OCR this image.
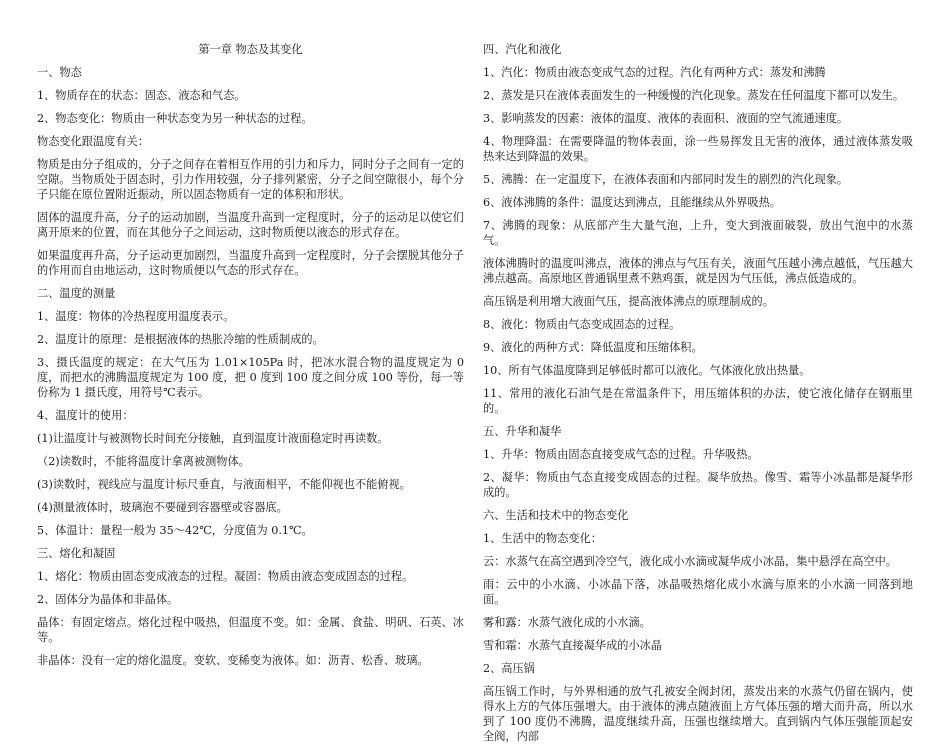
第一章 物态及其变化

一、物态

1、物质存在的状态：固态、液态和气态。

2、物态变化：物质由一种状态变为另一种状态的过程。

物态变化跟温度有关：

物质是由分子组成的，分子之间存在着相互作用的引力和斥力，同时分子之间有一定的空隙。当物质处于固态时，引力作用较强，分子排列紧密，分子之间空隙很小，每个分子只能在原位置附近振动，所以固态物质有一定的体积和形状。

固体的温度升高，分子的运动加剧，当温度升高到一定程度时，分子的运动足以使它们离开原来的位置，而在其他分子之间运动，这时物质便以液态的形式存在。

如果温度再升高，分子运动更加剧烈，当温度升高到一定程度时，分子会摆脱其他分子的作用而自由地运动，这时物质便以气态的形式存在。

二、温度的测量

1、温度：物体的冷热程度用温度表示。

2、温度计的原理：是根据液体的热胀冷缩的性质制成的。

3、摄氏温度的规定：在大气压为 1.01×105Pa 时，把冰水混合物的温度规定为 0 度，而把水的沸腾温度规定为 100 度，把 0 度到 100 度之间分成 100 等份，每一等份称为 1 摄氏度，用符号℃表示。

4、温度计的使用：

(1)让温度计与被测物长时间充分接触，直到温度计液面稳定时再读数。

（2)读数时，不能将温度计拿离被测物体。

(3)读数时，视线应与温度计标尺垂直，与液面相平，不能仰视也不能俯视。

(4)测量液体时，玻璃泡不要碰到容器壁或容器底。

5、体温计：量程一般为 35～42℃，分度值为 0.1℃。

三、熔化和凝固

1、熔化：物质由固态变成液态的过程。凝固：物质由液态变成固态的过程。

2、固体分为晶体和非晶体。

晶体：有固定熔点。熔化过程中吸热，但温度不变。如：金属、食盐、明矾、石英、冰等。

非晶体：没有一定的熔化温度。变软、变稀变为液体。如：沥青、松香、玻璃。

四、汽化和液化

1、汽化：物质由液态变成气态的过程。汽化有两种方式：蒸发和沸腾

2、蒸发是只在液体表面发生的一种缓慢的汽化现象。蒸发在任何温度下都可以发生。

3、影响蒸发的因素：液体的温度、液体的表面积、液面的空气流通速度。

4、物理降温：在需要降温的物体表面，涂一些易挥发且无害的液体，通过液体蒸发吸热来达到降温的效果。

5、沸腾：在一定温度下，在液体表面和内部同时发生的剧烈的汽化现象。

6、液体沸腾的条件：温度达到沸点，且能继续从外界吸热。

7、沸腾的现象：从底部产生大量气泡，上升，变大到液面破裂，放出气泡中的水蒸气。

液体沸腾时的温度叫沸点，液体的沸点与气压有关，液面气压越小沸点越低，气压越大沸点越高。高原地区普通锅里煮不熟鸡蛋，就是因为气压低，沸点低造成的。

高压锅是利用增大液面气压，提高液体沸点的原理制成的。

8、液化：物质由气态变成固态的过程。

9、液化的两种方式：降低温度和压缩体积。

10、所有气体温度降到足够低时都可以液化。气体液化放出热量。

11、常用的液化石油气是在常温条件下，用压缩体积的办法，使它液化储存在钢瓶里的。

五、升华和凝华

1、升华：物质由固态直接变成气态的过程。升华吸热。

2、凝华：物质由气态直接变成固态的过程。凝华放热。像雪、霜等小冰晶都是凝华形成的。

六、生活和技术中的物态变化

1、生活中的物态变化：

云：水蒸气在高空遇到冷空气，液化成小水滴或凝华成小冰晶，集中悬浮在高空中。

雨：云中的小水滴、小冰晶下落，冰晶吸热熔化成小水滴与原来的小水滴一同落到地面。

雾和露：水蒸气液化成的小水滴。

雪和霜：水蒸气直接凝华成的小冰晶

2、高压锅

高压锅工作时，与外界相通的放气孔被安全阀封闭，蒸发出来的水蒸气仍留在锅内，使得水上方的气体压强增大。由于液体的沸点随液面上方气体压强的增大而升高，所以水到了 100 度仍不沸腾，温度继续升高，压强也继续增大。直到锅内气体压强能顶起安全阀，内部
